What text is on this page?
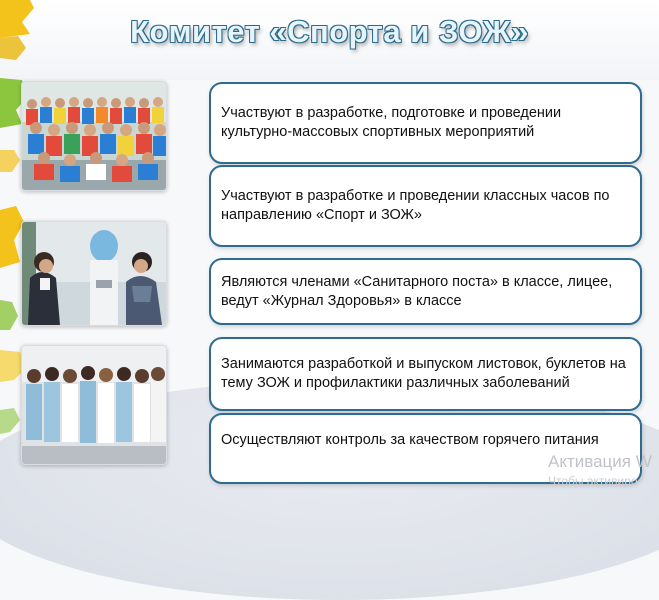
Комитет «Спорта и ЗОЖ»
Участвуют в разработке, подготовке и проведении культурно-массовых спортивных мероприятий
Участвуют в разработке и проведении классных часов по направлению «Спорт и ЗОЖ»
Являются членами «Санитарного поста» в классе, лицее, ведут «Журнал Здоровья» в классе
Занимаются разработкой и выпуском листовок, буклетов на тему ЗОЖ и профилактики различных заболеваний
Осуществляют контроль за качеством горячего питания
Активация W
Чтобы активиро
